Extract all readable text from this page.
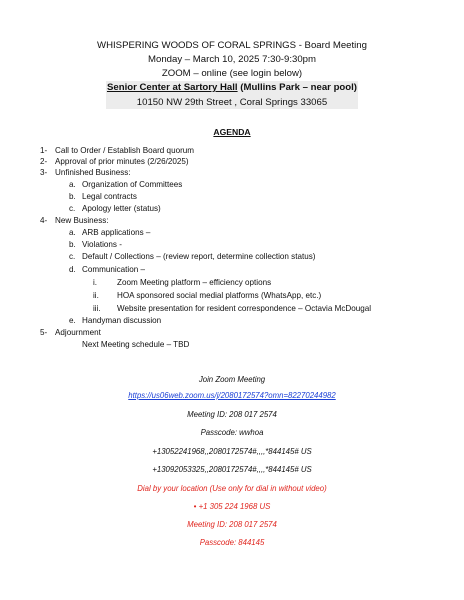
WHISPERING WOODS OF CORAL SPRINGS - Board Meeting
Monday – March 10, 2025 7:30-9:30pm
ZOOM – online (see login below)
Senior Center at Sartory Hall (Mullins Park – near pool)
10150 NW 29th Street , Coral Springs 33065
AGENDA
1- Call to Order / Establish Board quorum
2- Approval of prior minutes (2/26/2025)
3- Unfinished Business:
a. Organization of Committees
b. Legal contracts
c. Apology letter (status)
4- New Business:
a. ARB applications –
b. Violations -
c. Default / Collections – (review report, determine collection status)
d. Communication –
i. Zoom Meeting platform – efficiency options
ii. HOA sponsored social medial platforms (WhatsApp, etc.)
iii. Website presentation for resident correspondence – Octavia McDougal
e. Handyman discussion
5- Adjournment
Next Meeting schedule – TBD
Join Zoom Meeting
https://us06web.zoom.us/j/2080172574?omn=82270244982
Meeting ID: 208 017 2574
Passcode: wwhoa
+13052241968,,2080172574#,,,,*844145# US
+13092053325,,2080172574#,,,,*844145# US
Dial by your location (Use only for dial in without video)
• +1 305 224 1968 US
Meeting ID: 208 017 2574
Passcode: 844145
